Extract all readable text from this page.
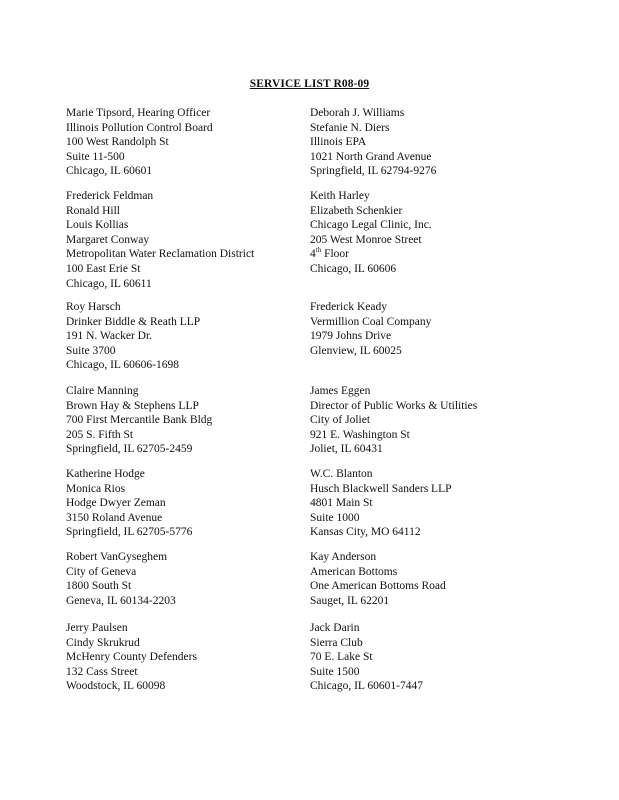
SERVICE LIST R08-09
Marie Tipsord, Hearing Officer
Illinois Pollution Control Board
100 West Randolph St
Suite 11-500
Chicago, IL 60601
Frederick Feldman
Ronald Hill
Louis Kollias
Margaret Conway
Metropolitan Water Reclamation District
100 East Erie St
Chicago, IL 60611
Roy Harsch
Drinker Biddle & Reath LLP
191 N. Wacker Dr.
Suite 3700
Chicago, IL 60606-1698
Claire Manning
Brown Hay & Stephens LLP
700 First Mercantile Bank Bldg
205 S. Fifth St
Springfield, IL 62705-2459
Katherine Hodge
Monica Rios
Hodge Dwyer Zeman
3150 Roland Avenue
Springfield, IL 62705-5776
Robert VanGyseghem
City of Geneva
1800 South St
Geneva, IL 60134-2203
Jerry Paulsen
Cindy Skrukrud
McHenry County Defenders
132 Cass Street
Woodstock, IL 60098
Deborah J. Williams
Stefanie N. Diers
Illinois EPA
1021 North Grand Avenue
Springfield, IL 62794-9276
Keith Harley
Elizabeth Schenkier
Chicago Legal Clinic, Inc.
205 West Monroe Street
4th Floor
Chicago, IL 60606
Frederick Keady
Vermillion Coal Company
1979 Johns Drive
Glenview, IL 60025
James Eggen
Director of Public Works & Utilities
City of Joliet
921 E. Washington St
Joliet, IL 60431
W.C. Blanton
Husch Blackwell Sanders LLP
4801 Main St
Suite 1000
Kansas City, MO 64112
Kay Anderson
American Bottoms
One American Bottoms Road
Sauget, IL 62201
Jack Darin
Sierra Club
70 E. Lake St
Suite 1500
Chicago, IL 60601-7447
